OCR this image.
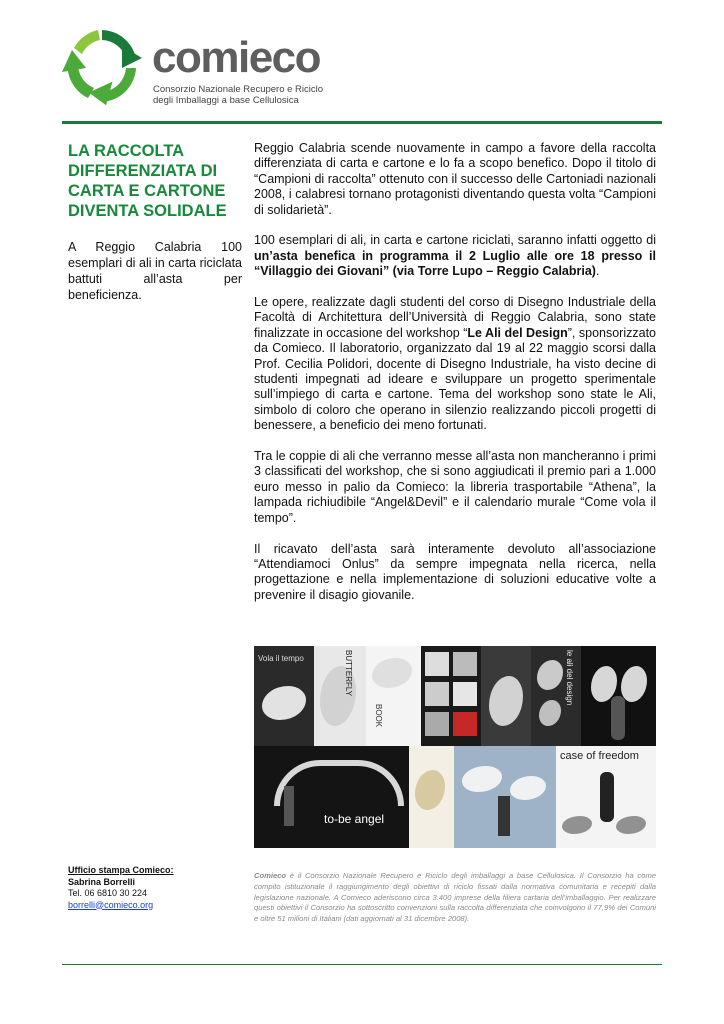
comieco
Consorzio Nazionale Recupero e Riciclo
degli Imballaggi a base Cellulosica
LA RACCOLTA DIFFERENZIATA DI CARTA E CARTONE DIVENTA SOLIDALE

A Reggio Calabria 100 esemplari di ali in carta riciclata battuti all’asta per beneficienza.

Reggio Calabria scende nuovamente in campo a favore della raccolta differenziata di carta e cartone e lo fa a scopo benefico. Dopo il titolo di “Campioni di raccolta” ottenuto con il successo delle Cartoniadi nazionali 2008, i calabresi tornano protagonisti diventando questa volta “Campioni di solidarietà”.

100 esemplari di ali, in carta e cartone riciclati, saranno infatti oggetto di un’asta benefica in programma il 2 Luglio alle ore 18 presso il “Villaggio dei Giovani” (via Torre Lupo – Reggio Calabria).

Le opere, realizzate dagli studenti del corso di Disegno Industriale della Facoltà di Architettura dell’Università di Reggio Calabria, sono state finalizzate in occasione del workshop “Le Ali del Design”, sponsorizzato da Comieco. Il laboratorio, organizzato dal 19 al 22 maggio scorsi dalla Prof. Cecilia Polidori, docente di Disegno Industriale, ha visto decine di studenti impegnati ad ideare e sviluppare un progetto sperimentale sull’impiego di carta e cartone. Tema del workshop sono state le Ali, simbolo di coloro che operano in silenzio realizzando piccoli progetti di benessere, a beneficio dei meno fortunati.

Tra le coppie di ali che verranno messe all’asta non mancheranno i primi 3 classificati del workshop, che si sono aggiudicati il premio pari a 1.000 euro messo in palio da Comieco: la libreria trasportabile “Athena”, la lampada richiudibile “Angel&Devil” e il calendario murale “Come vola il tempo”.

Il ricavato dell’asta sarà interamente devoluto all’associazione “Attendiamoci Onlus” da sempre impegnata nella ricerca, nella progettazione e nella implementazione di soluzioni educative volte a prevenire il disagio giovanile.

Vola il tempo	BUTTERFLY
BOOK
le ali del design
to-be angel
case of freedom
Ufficio stampa Comieco:
Sabrina Borrelli
Tel. 06 6810 30 224
borrelli@comieco.org
Comieco è il Consorzio Nazionale Recupero e Riciclo degli imballaggi a base Cellulosica. Il Consorzio ha come compito istituzionale il raggiungimento degli obiettivi di riciclo fissati dalla normativa comunitaria e recepiti dalla legislazione nazionale. A Comieco aderiscono circa 3.400 imprese della filiera cartaria dell’imballaggio. Per realizzare questi obiettivi il Consorzio ha sottoscritto convenzioni sulla raccolta differenziata che coinvolgono il 77,9% dei Comuni e oltre 51 milioni di Italiani (dati aggiornati al 31 dicembre 2008).
